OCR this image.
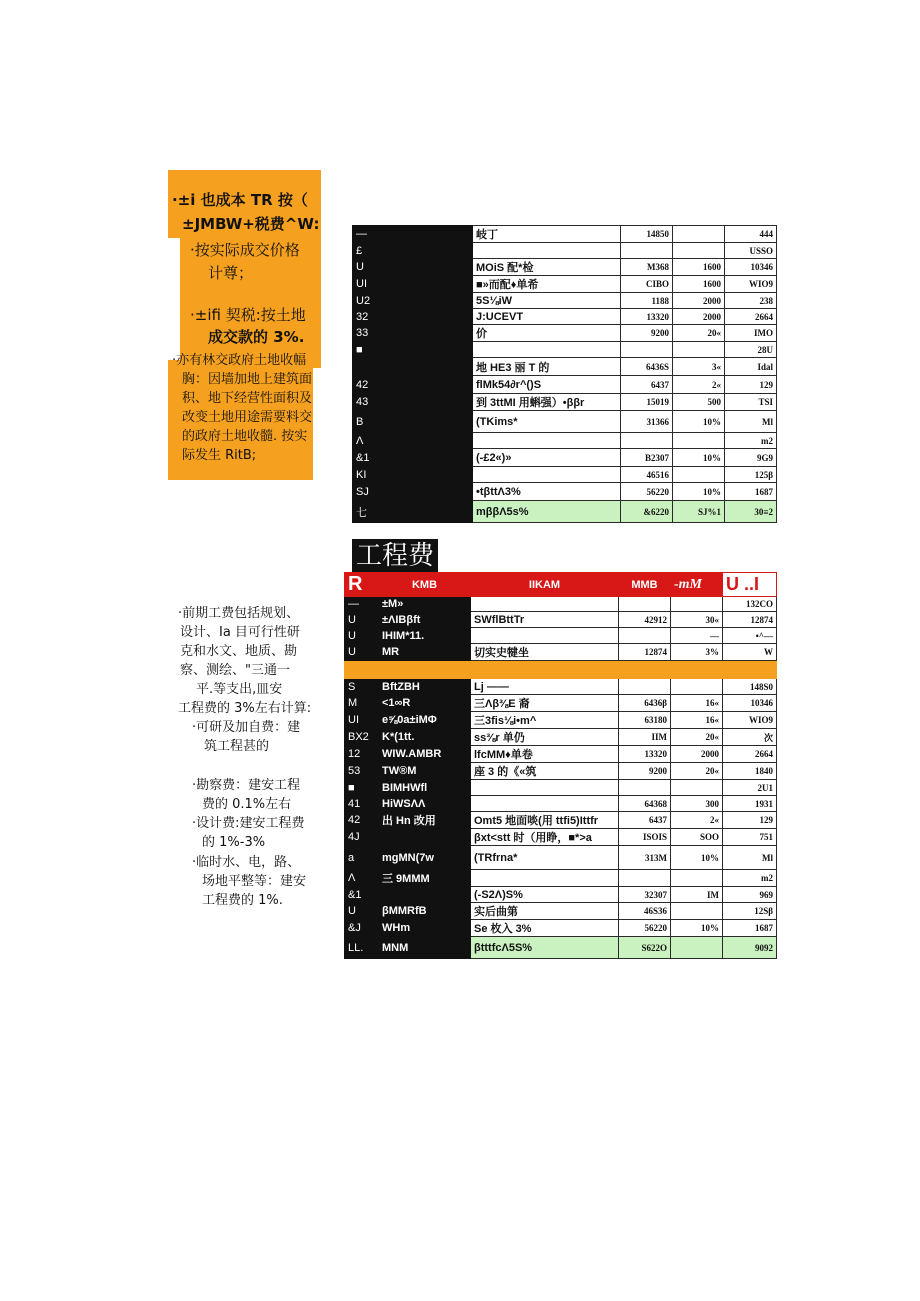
·±i 也成本 TR 按（
±JMBW+税费^W:
·按实际成交价格
计尊；
·±ifi 契税:按土地
成交款的 3%.
·亦有林交政府土地收幅
胸：因墙加地上建筑面
积、地下经营性面积及
改变土地用途需要料交
的政府土地收髓. 按实
际发生 RitB;
—		岐丁	14850		444
£					USSO
U		MOiS 配*检	M368	1600	10346
UI		■»而配♦单希	CIBO	1600	WIO9
U2		5S⅛iW	1188	2000	238
32		J:UCEVT	13320	2000	2664
33		价	9200	20«	IMO
■					28U
		地 HE3 丽 T 的	6436S	3«	Idal
42		flMk54∂r^()S	6437	2«	129
43		到 3ttMI 用蝌强）•ββr	15019	500	TSI
B		(TKims*	31366	10%	Ml
Λ					m2
&1		(-£2«)»	B2307	10%	9G9
KI			46516		125β
SJ		•tβttΛ3%	56220	10%	1687
七		mββΛ5s%	&6220	SJ%1	30≡2
工程费
R	KMB	IIKAM	MMB	-mM	U ..I
—	±M»				132CO
U	±ΛIBβft	SWflBttTr	42912	30«	12874
U	IHIM*11.			—	•^—
U	MR	切实史犍坐	12874	3%	W

S	BftZBH	Lj ——			148S0
M	<1∞R	三Λβ⅜E 裔	6436β	16«	10346
UI	e⅝0a±iMΦ	三3fis⅛i•m^	63180	16«	WIO9
BX2	K*(1tt.	ss⅜r 单仍	IIM	20«	次
12	WIW.AMBR	lfcMM♦单卷	13320	2000	2664
53	TW®M	座 3 的《«筑	9200	20«	1840
■	BIMHWfl				2U1
41	HiWSΛΛ		64368	300	1931
42	出 Hn 改用	Omt5 地面啖(用 ttfi5)Ittfr	6437	2«	129
4J		βxt<stt 时（用睁，■*>a	ISOIS	SOO	751
a	mgMN(7w	(TRfrna*	313M	10%	Ml
Λ	三 9MMM				m2
&1		(-S2Λ)S%	32307	IM	969
U	βMMRfB	实后曲第	46S36		12Sβ
&J	WHm	Se 枚入 3%	56220	10%	1687
LL.	MNM	βtttfcΛ5S%	S622O		9092
·前期工费包括规划、
设计、Ia 目可行性研
克和水文、地质、勘
察、测绘、"三通一
平.等支出,皿安
工程费的 3%左右计算:
·可研及加自费：建
筑工程甚的
·勘察费：建安工程
费的 0.1%左右
·设计费:建安工程费
的 1%-3%
·临时水、电，路、
场地平整等：建安
工程费的 1%.
